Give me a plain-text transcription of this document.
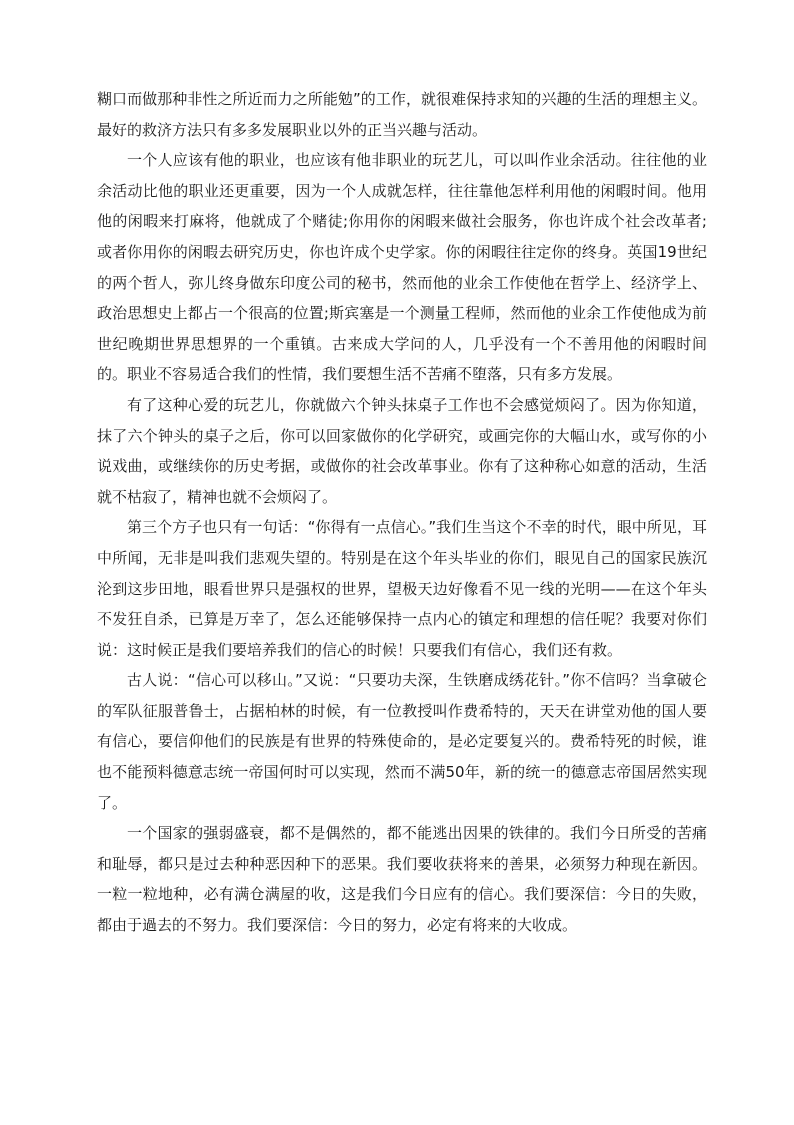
糊口而做那种非性之所近而力之所能勉”的工作，就很难保持求知的兴趣的生活的理想主义。最好的救济方法只有多多发展职业以外的正当兴趣与活动。

一个人应该有他的职业，也应该有他非职业的玩艺儿，可以叫作业余活动。往往他的业余活动比他的职业还更重要，因为一个人成就怎样，往往靠他怎样利用他的闲暇时间。他用他的闲暇来打麻将，他就成了个赌徒;你用你的闲暇来做社会服务，你也许成个社会改革者;或者你用你的闲暇去研究历史，你也许成个史学家。你的闲暇往往定你的终身。英国19世纪的两个哲人，弥儿终身做东印度公司的秘书，然而他的业余工作使他在哲学上、经济学上、政治思想史上都占一个很高的位置;斯宾塞是一个测量工程师，然而他的业余工作使他成为前世纪晚期世界思想界的一个重镇。古来成大学问的人，几乎没有一个不善用他的闲暇时间的。职业不容易适合我们的性情，我们要想生活不苦痛不堕落，只有多方发展。

有了这种心爱的玩艺儿，你就做六个钟头抹桌子工作也不会感觉烦闷了。因为你知道，抹了六个钟头的桌子之后，你可以回家做你的化学研究，或画完你的大幅山水，或写你的小说戏曲，或继续你的历史考据，或做你的社会改革事业。你有了这种称心如意的活动，生活就不枯寂了，精神也就不会烦闷了。

第三个方子也只有一句话：“你得有一点信心。”我们生当这个不幸的时代，眼中所见，耳中所闻，无非是叫我们悲观失望的。特别是在这个年头毕业的你们，眼见自己的国家民族沉沦到这步田地，眼看世界只是强权的世界，望极天边好像看不见一线的光明——在这个年头不发狂自杀，已算是万幸了，怎么还能够保持一点内心的镇定和理想的信任呢？我要对你们说：这时候正是我们要培养我们的信心的时候！只要我们有信心，我们还有救。

古人说：“信心可以移山。”又说：“只要功夫深，生铁磨成绣花针。”你不信吗？当拿破仑的军队征服普鲁士，占据柏林的时候，有一位教授叫作费希特的，天天在讲堂劝他的国人要有信心，要信仰他们的民族是有世界的特殊使命的，是必定要复兴的。费希特死的时候，谁也不能预料德意志统一帝国何时可以实现，然而不满50年，新的统一的德意志帝国居然实现了。

一个国家的强弱盛衰，都不是偶然的，都不能逃出因果的铁律的。我们今日所受的苦痛和耻辱，都只是过去种种恶因种下的恶果。我们要收获将来的善果，必须努力种现在新因。一粒一粒地种，必有满仓满屋的收，这是我们今日应有的信心。我们要深信：今日的失败，都由于過去的不努力。我们要深信：今日的努力，必定有将来的大收成。
